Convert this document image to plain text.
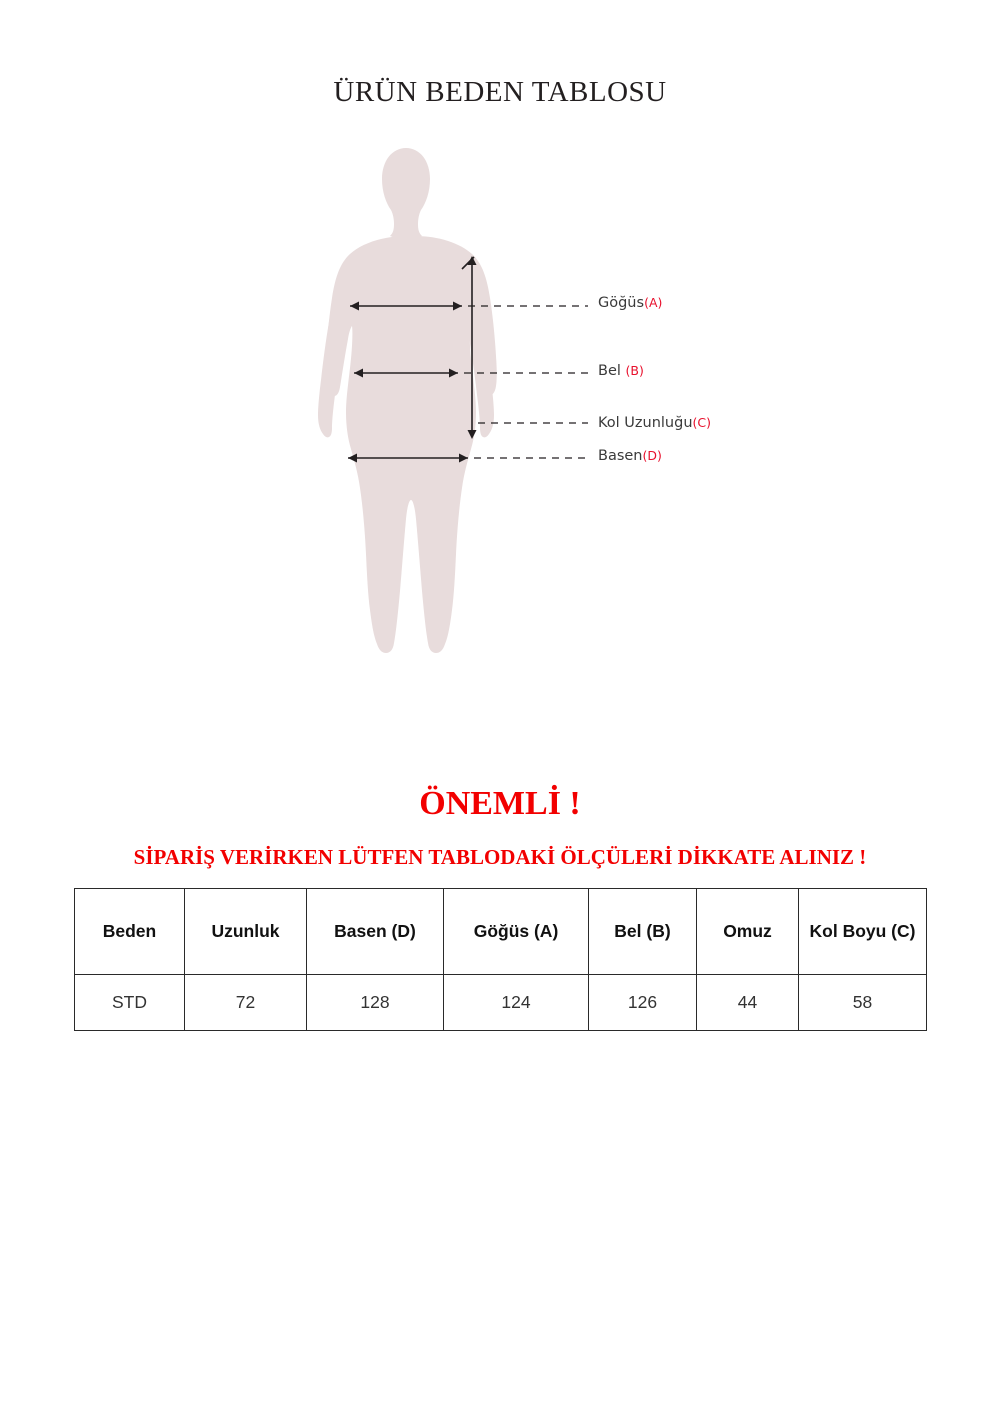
ÜRÜN BEDEN TABLOSU
Göğüs(A)
Bel (B)
Kol Uzunluğu(C)
Basen(D)
ÖNEMLİ !
SİPARİŞ VERİRKEN LÜTFEN TABLODAKİ ÖLÇÜLERİ DİKKATE ALINIZ !
Beden	Uzunluk	Basen (D)	Göğüs (A)	Bel (B)	Omuz	Kol Boyu (C)
STD	72	128	124	126	44	58
